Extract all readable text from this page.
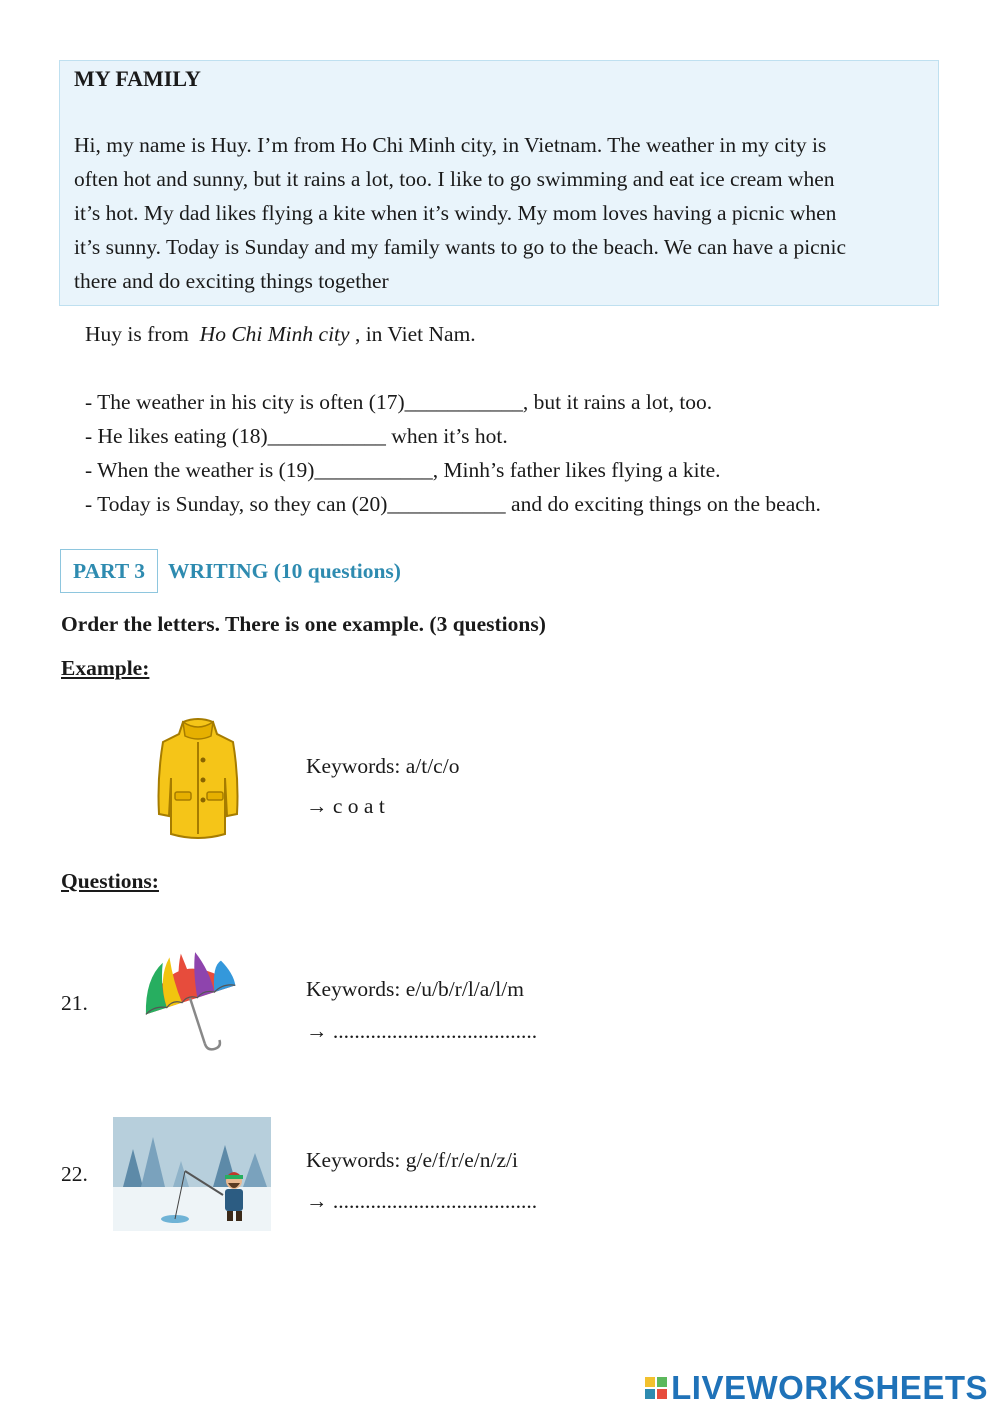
MY FAMILY
Hi, my name is Huy. I’m from Ho Chi Minh city, in Vietnam. The weather in my city is
often hot and sunny, but it rains a lot, too. I like to go swimming and eat ice cream when
it’s hot. My dad likes flying a kite when it’s windy. My mom loves having a picnic when
it’s sunny. Today is Sunday and my family wants to go to the beach. We can have a picnic
there and do exciting things together
Huy is from Ho Chi Minh city , in Viet Nam.
- The weather in his city is often (17)___________, but it rains a lot, too.
- He likes eating (18)___________ when it’s hot.
- When the weather is (19)___________, Minh’s father likes flying a kite.
- Today is Sunday, so they can (20)___________ and do exciting things on the beach.
PART 3	WRITING (10 questions)
Order the letters. There is one example. (3 questions)
Example:
Keywords: a/t/c/o
→ c o a t
Questions:
21.
Keywords: e/u/b/r/l/a/l/m
→ ......................................
22.
Keywords: g/e/f/r/e/n/z/i
→ ......................................
LIVEWORKSHEETS
